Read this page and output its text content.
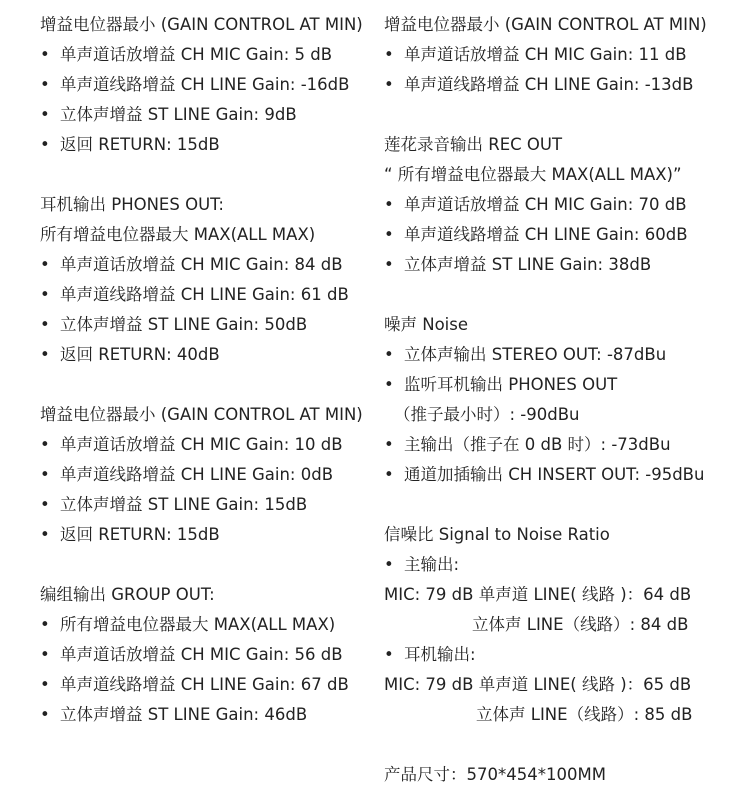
增益电位器最小 (GAIN CONTROL AT MIN)
• 单声道话放增益 CH MIC Gain: 5 dB
• 单声道线路增益 CH LINE Gain: -16dB
• 立体声增益 ST LINE Gain: 9dB
• 返回 RETURN: 15dB
耳机输出 PHONES OUT:
所有增益电位器最大 MAX(ALL MAX)
• 单声道话放增益 CH MIC Gain: 84 dB
• 单声道线路增益 CH LINE Gain: 61 dB
• 立体声增益 ST LINE Gain: 50dB
• 返回 RETURN: 40dB
增益电位器最小 (GAIN CONTROL AT MIN)
• 单声道话放增益 CH MIC Gain: 10 dB
• 单声道线路增益 CH LINE Gain: 0dB
• 立体声增益 ST LINE Gain: 15dB
• 返回 RETURN: 15dB
编组输出 GROUP OUT:
• 所有增益电位器最大 MAX(ALL MAX)
• 单声道话放增益 CH MIC Gain: 56 dB
• 单声道线路增益 CH LINE Gain: 67 dB
• 立体声增益 ST LINE Gain: 46dB
增益电位器最小 (GAIN CONTROL AT MIN)
• 单声道话放增益 CH MIC Gain: 11 dB
• 单声道线路增益 CH LINE Gain: -13dB
莲花录音输出 REC OUT
“ 所有增益电位器最大 MAX(ALL MAX)”
• 单声道话放增益 CH MIC Gain: 70 dB
• 单声道线路增益 CH LINE Gain: 60dB
• 立体声增益 ST LINE Gain: 38dB
噪声 Noise
• 立体声输出 STEREO OUT: -87dBu
• 监听耳机输出 PHONES OUT
（推子最小时）: -90dBu
• 主输出（推子在 0 dB 时）: -73dBu
• 通道加插输出 CH INSERT OUT: -95dBu
信噪比 Signal to Noise Ratio
• 主输出:
MIC: 79 dB 单声道 LINE( 线路 )：64 dB
立体声 LINE（线路）: 84 dB
• 耳机输出:
MIC: 79 dB 单声道 LINE( 线路 )：65 dB
立体声 LINE（线路）: 85 dB
产品尺寸：570*454*100MM
